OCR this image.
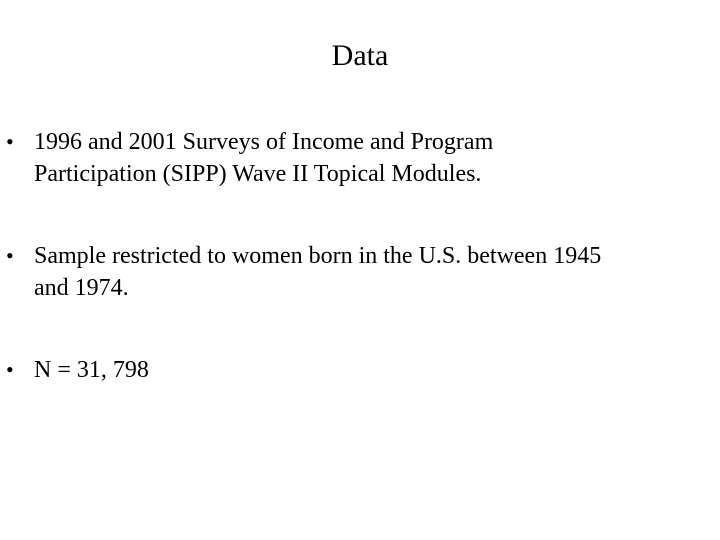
Data
• 1996 and 2001 Surveys of Income and Program
Participation (SIPP) Wave II Topical Modules.
• Sample restricted to women born in the U.S. between 1945
and 1974.
• N = 31, 798
